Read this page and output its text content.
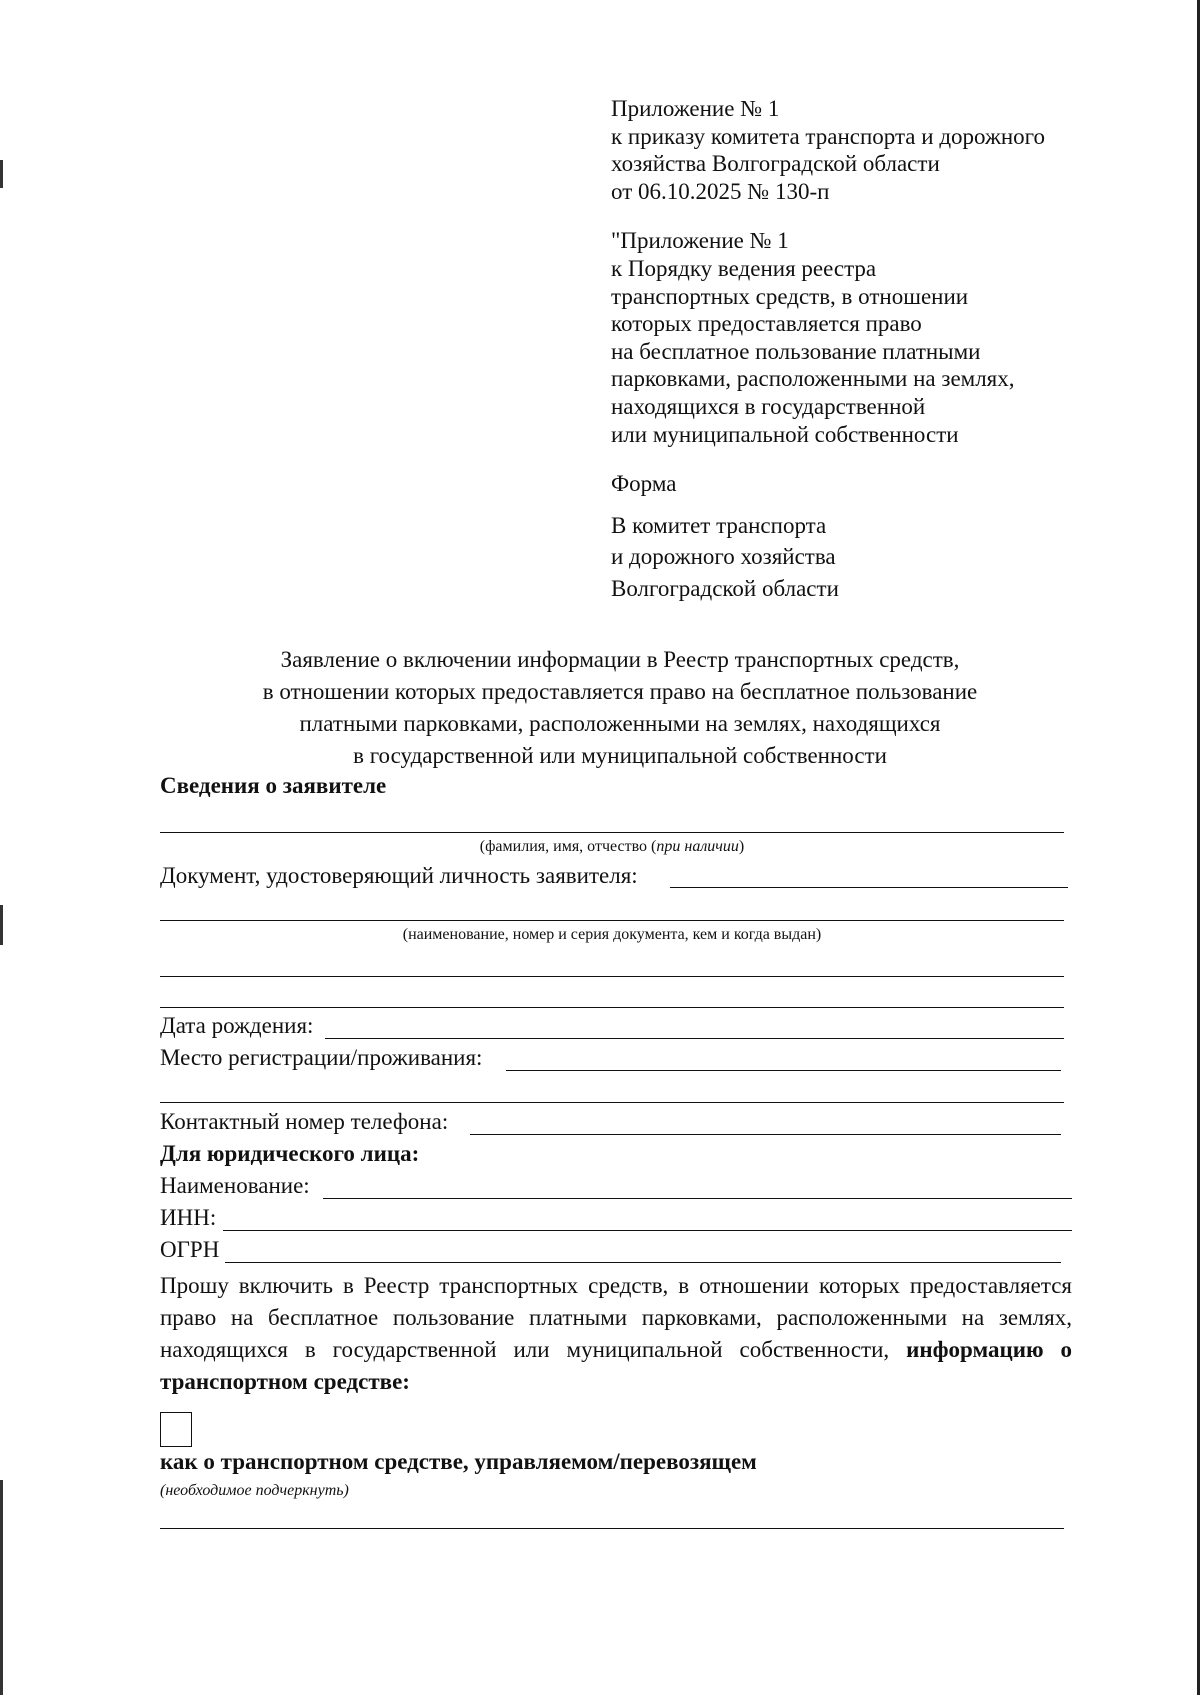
Приложение № 1
к приказу комитета транспорта и дорожного
хозяйства Волгоградской области
от 06.10.2025 № 130-п
"Приложение № 1
к Порядку ведения реестра
транспортных средств, в отношении
которых предоставляется право
на бесплатное пользование платными
парковками, расположенными на землях,
находящихся в государственной
или муниципальной собственности
Форма
В комитет транспорта
и дорожного хозяйства
Волгоградской области
Заявление о включении информации в Реестр транспортных средств,
в отношении которых предоставляется право на бесплатное пользование
платными парковками, расположенными на землях, находящихся
в государственной или муниципальной собственности
Сведения о заявителе
(фамилия, имя, отчество (при наличии)
Документ, удостоверяющий личность заявителя:
(наименование, номер и серия документа, кем и когда выдан)
Дата рождения:
Место регистрации/проживания:
Контактный номер телефона:
Для юридического лица:
Наименование:
ИНН:
ОГРН
Прошу включить в Реестр транспортных средств, в отношении которых предоставляется право на бесплатное пользование платными парковками, расположенными на землях, находящихся в государственной или муниципальной собственности, информацию о транспортном средстве:
как о транспортном средстве, управляемом/перевозящем
(необходимое подчеркнуть)
